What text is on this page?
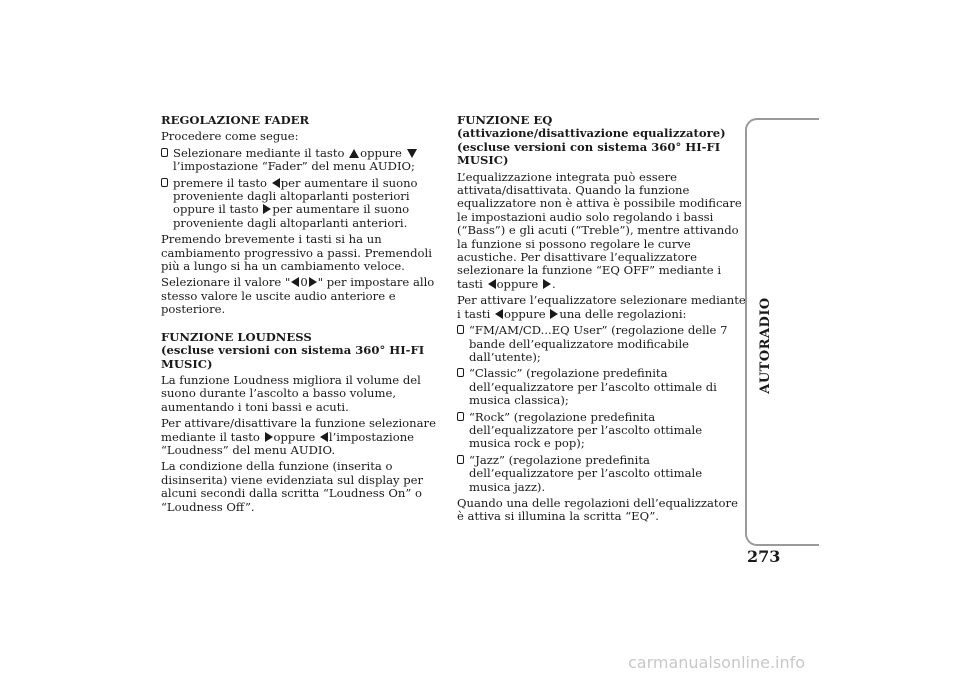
REGOLAZIONE FADER

Procedere come segue:

Selezionare mediante il tasto oppure l’impostazione “Fader” del menu AUDIO;
premere il tasto per aumentare il suono proveniente dagli altoparlanti posteriori oppure il tasto per aumentare il suono proveniente dagli altoparlanti anteriori.

Premendo brevemente i tasti si ha un cambiamento progressivo a passi. Premendoli più a lungo si ha un cambiamento veloce.

Selezionare il valore " 0 " per impostare allo stesso valore le uscite audio anteriore e posteriore.

FUNZIONE LOUDNESS

(escluse versioni con sistema 360° HI-FI MUSIC)

La funzione Loudness migliora il volume del suono durante l’ascolto a basso volume, aumentando i toni bassi e acuti.

Per attivare/disattivare la funzione selezionare mediante il tasto oppure l’impostazione “Loudness” del menu AUDIO.

La condizione della funzione (inserita o disinserita) viene evidenziata sul display per alcuni secondi dalla scritta “Loudness On” o “Loudness Off”.

FUNZIONE EQ

(attivazione/disattivazione equalizzatore)

(escluse versioni con sistema 360° HI-FI MUSIC)

L’equalizzazione integrata può essere attivata/disattivata. Quando la funzione equalizzatore non è attiva è possibile modificare le impostazioni audio solo regolando i bassi (“Bass”) e gli acuti (“Treble”), mentre attivando la funzione si possono regolare le curve acustiche. Per disattivare l’equalizzatore selezionare la funzione “EQ OFF” mediante i tasti oppure .

Per attivare l’equalizzatore selezionare mediante i tasti oppure una delle regolazioni:

“FM/AM/CD...EQ User” (regolazione delle 7 bande dell’equalizzatore modificabile dall’utente);
“Classic” (regolazione predefinita dell’equalizzatore per l’ascolto ottimale di musica classica);
“Rock” (regolazione predefinita dell’equalizzatore per l’ascolto ottimale musica rock e pop);
“Jazz” (regolazione predefinita dell’equalizzatore per l’ascolto ottimale musica jazz).

Quando una delle regolazioni dell’equalizzatore è attiva si illumina la scritta “EQ”.

AUTORADIO
273
carmanualsonline.info
